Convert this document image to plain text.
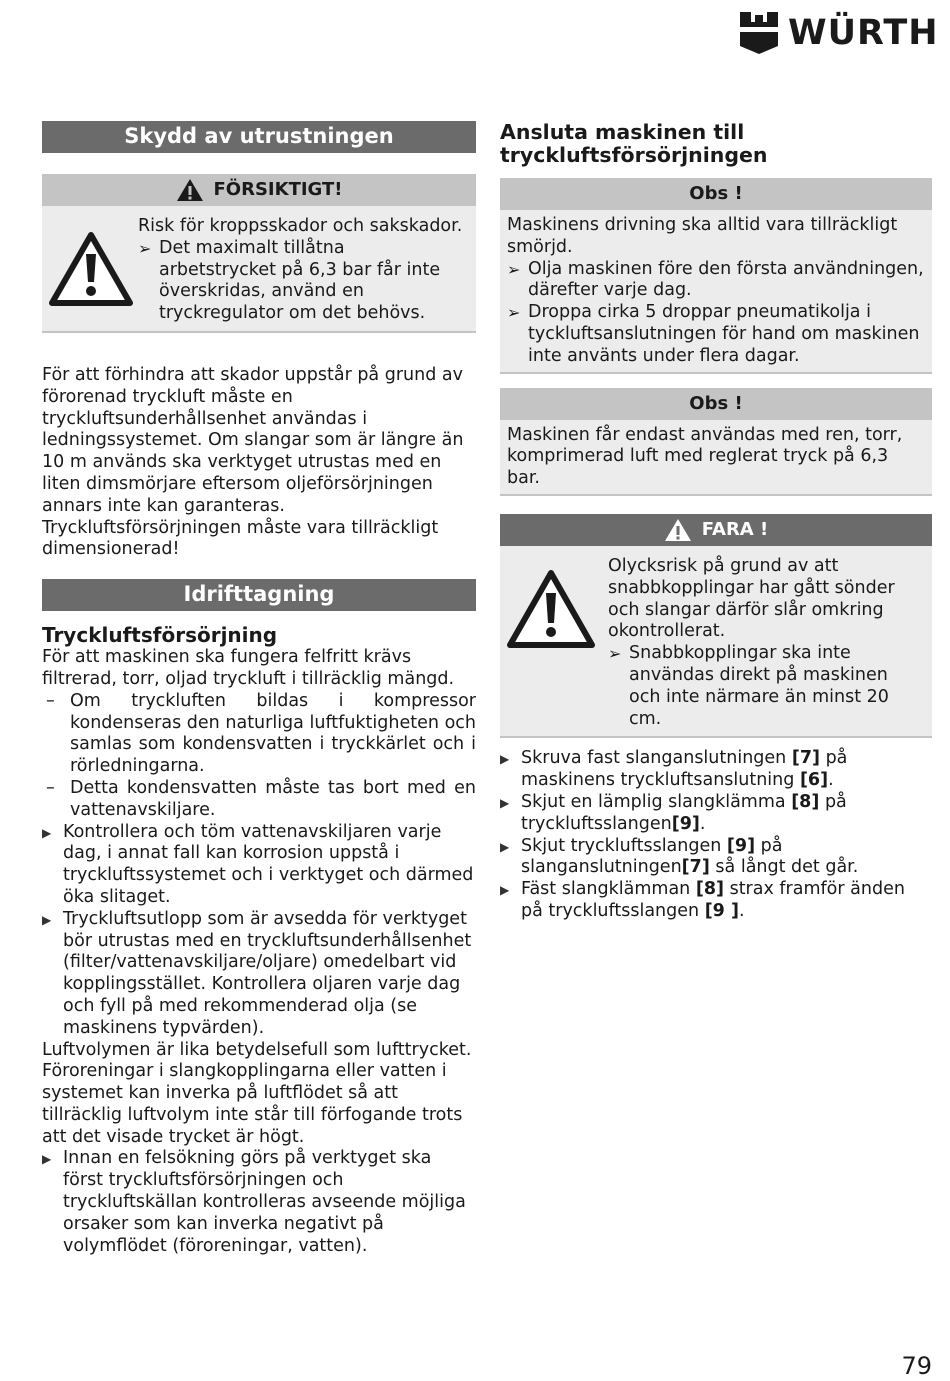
WÜRTH
Skydd av utrustningen
FÖRSIKTIGT!
Risk för kroppsskador och sakskador.
➢ Det maximalt tillåtna arbetstrycket på 6,3 bar får inte överskridas, använd en tryckregulator om det behövs.
För att förhindra att skador uppstår på grund av förorenad tryckluft måste en tryckluftsunderhållsenhet användas i ledningssystemet. Om slangar som är längre än 10 m används ska verktyget utrustas med en liten dimsmörjare eftersom oljeförsörjningen annars inte kan garanteras. Tryckluftsförsörjningen måste vara tillräckligt dimensionerad!
Idrifttagning
Tryckluftsförsörjning
För att maskinen ska fungera felfritt krävs filtrerad, torr, oljad tryckluft i tillräcklig mängd.
– Om tryckluften bildas i kompressor kondenseras den naturliga luftfuktigheten och samlas som kondensvatten i tryckkärlet och i rörledningarna.
– Detta kondensvatten måste tas bort med en vattenavskiljare.
▶ Kontrollera och töm vattenavskiljaren varje dag, i annat fall kan korrosion uppstå i tryckluftssystemet och i verktyget och därmed öka slitaget.
▶ Tryckluftsutlopp som är avsedda för verktyget bör utrustas med en tryckluftsunderhållsenhet (filter/vattenavskiljare/oljare) omedelbart vid kopplingsstället. Kontrollera oljaren varje dag och fyll på med rekommenderad olja (se maskinens typvärden).
Luftvolymen är lika betydelsefull som lufttrycket. Föroreningar i slangkopplingarna eller vatten i systemet kan inverka på luftflödet så att tillräcklig luftvolym inte står till förfogande trots att det visade trycket är högt.
▶ Innan en felsökning görs på verktyget ska först tryckluftsförsörjningen och tryckluftskällan kontrolleras avseende möjliga orsaker som kan inverka negativt på volymflödet (föroreningar, vatten).
Ansluta maskinen till tryckluftsförsörjningen
Obs !
Maskinens drivning ska alltid vara tillräckligt smörjd.
➢ Olja maskinen före den första användningen, därefter varje dag.
➢ Droppa cirka 5 droppar pneumatikolja i tyckluftsanslutningen för hand om maskinen inte använts under flera dagar.
Obs !
Maskinen får endast användas med ren, torr, komprimerad luft med reglerat tryck på 6,3 bar.
FARA !
Olycksrisk på grund av att snabbkopplingar har gått sönder och slangar därför slår omkring okontrollerat.
➢ Snabbkopplingar ska inte användas direkt på maskinen och inte närmare än minst 20 cm.
▶ Skruva fast slanganslutningen [7] på maskinens tryckluftsanslutning [6].
▶ Skjut en lämplig slangklämma [8] på tryckluftsslangen[9].
▶ Skjut tryckluftsslangen [9] på slanganslutningen[7] så långt det går.
▶ Fäst slangklämman [8] strax framför änden på tryckluftsslangen [9 ].
79
